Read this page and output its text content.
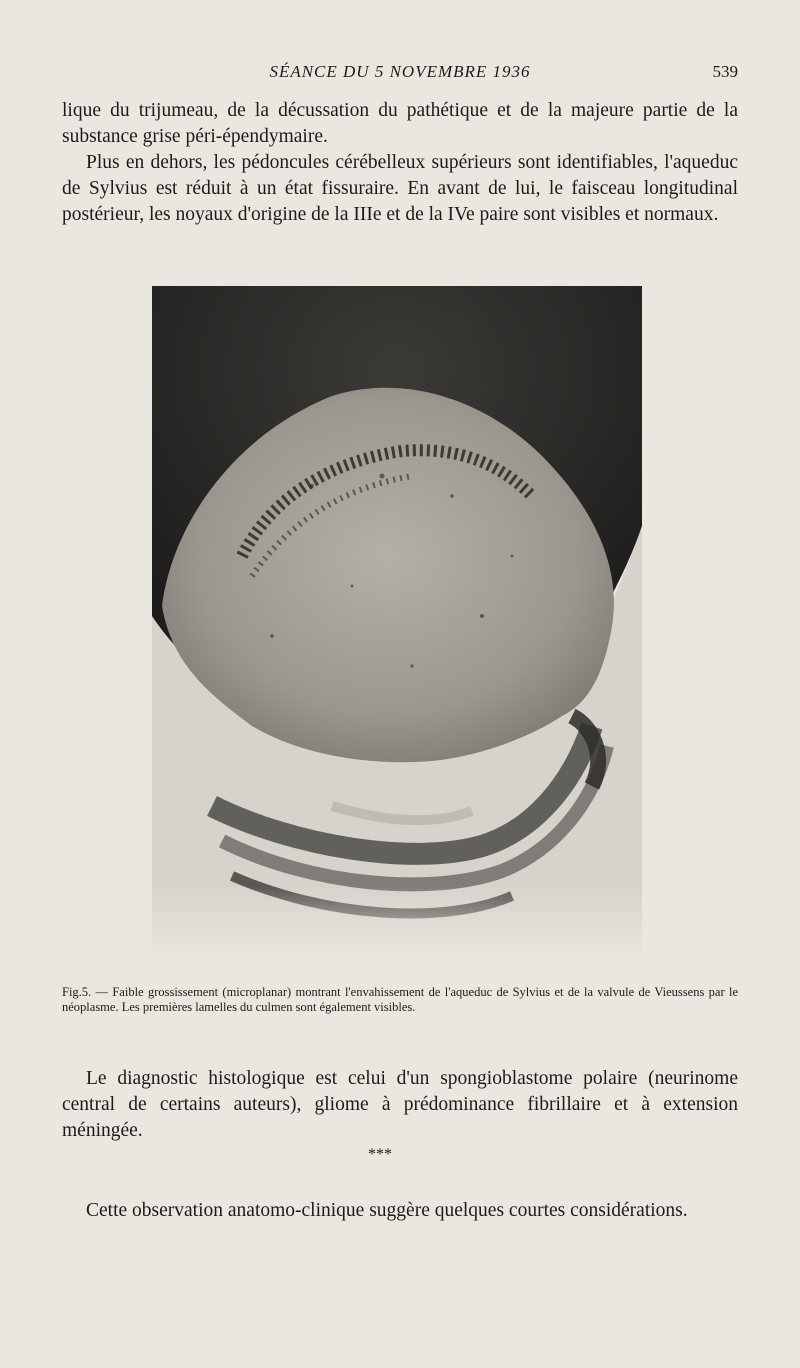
SÉANCE DU 5 NOVEMBRE 1936	539

lique du trijumeau, de la décussation du pathétique et de la majeure partie de la substance grise péri-épendymaire.

Plus en dehors, les pédoncules cérébelleux supérieurs sont identifiables, l'aqueduc de Sylvius est réduit à un état fissuraire. En avant de lui, le faisceau longitudinal postérieur, les noyaux d'origine de la IIIe et de la IVe paire sont visibles et normaux.

Fig.5. — Faible grossissement (microplanar) montrant l'envahissement de l'aqueduc de Sylvius et de la valvule de Vieussens par le néoplasme. Les premières lamelles du culmen sont également visibles.

Le diagnostic histologique est celui d'un spongioblastome polaire (neurinome central de certains auteurs), gliome à prédominance fibrillaire et à extension méningée.

***

Cette observation anatomo-clinique suggère quelques courtes considérations.
